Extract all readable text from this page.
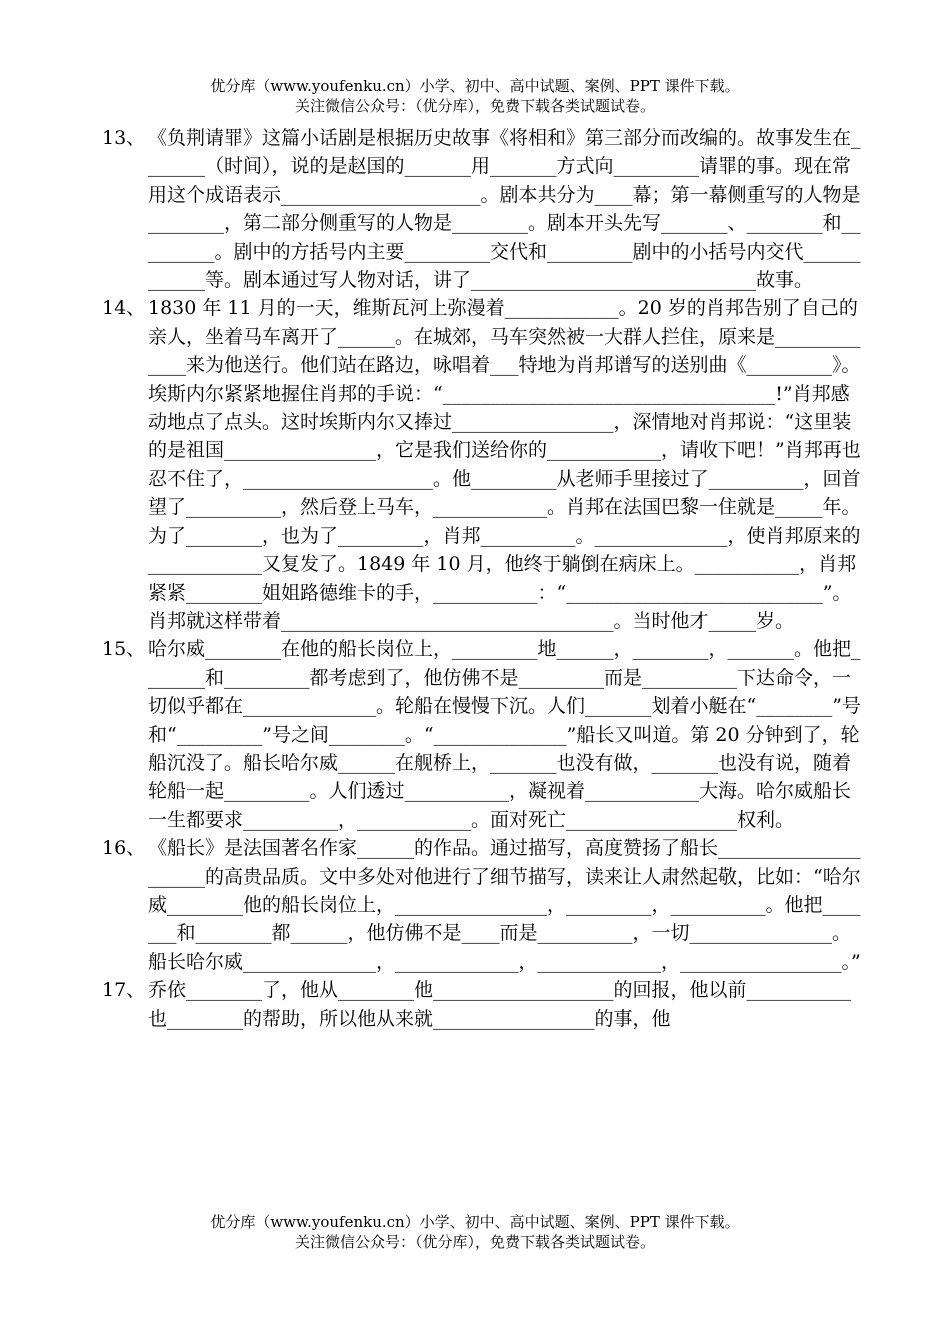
优分库（www.youfenku.cn）小学、初中、高中试题、案例、PPT 课件下载。
关注微信公众号：（优分库），免费下载各类试题试卷。
13、 《负荆请罪》这篇小话剧是根据历史故事《将相和》第三部分而改编的。故事发生在_______（时间），说的是赵国的_______用_______方式向_________请罪的事。现在常用这个成语表示_____________________。剧本共分为____幕；第一幕侧重写的人物是________，第二部分侧重写的人物是________。剧本开头先写_______、________和_________。剧中的方括号内主要_________交代和_________剧中的小括号内交代____________等。剧本通过写人物对话，讲了______________________________故事。
14、 1830 年 11 月的一天，维斯瓦河上弥漫着____________。20 岁的肖邦告别了自己的亲人，坐着马车离开了______。在城郊，马车突然被一大群人拦住，原来是_____________来为他送行。他们站在路边，咏唱着___特地为肖邦谱写的送别曲《_________》。埃斯内尔紧紧地握住肖邦的手说：“___________________________________!”肖邦感动地点了点头。这时埃斯内尔又捧过_________________，深情地对肖邦说：“这里装的是祖国________________，它是我们送给你的____________，请收下吧！”肖邦再也忍不住了，____________________。他_________从老师手里接过了__________，回首望了__________，然后登上马车，____________。肖邦在法国巴黎一住就是_____年。为了________，也为了_________，肖邦__________。______________，使肖邦原来的____________又复发了。1849 年 10 月，他终于躺倒在病床上。___________，肖邦紧紧________姐姐路德维卡的手，___________：“___________________________”。肖邦就这样带着___________________________________。当时他才_____岁。
15、 哈尔威________在他的船长岗位上，_________地______，________，_______。他把_______和_________都考虑到了，他仿佛不是_________而是__________下达命令，一切似乎都在______________。轮船在慢慢下沉。人们_______划着小艇在“________”号和“_________”号之间________。“______________”船长又叫道。第 20 分钟到了，轮船沉没了。船长哈尔威______在舰桥上，_______也没有做，_______也没有说，随着轮船一起_________。人们透过___________，凝视着____________大海。哈尔威船长一生都要求__________，____________。面对死亡__________________权利。
16、 《船长》是法国著名作家______的作品。通过描写，高度赞扬了船长_____________________的高贵品质。文中多处对他进行了细节描写，读来让人肃然起敬，比如：“哈尔威________他的船长岗位上，________________，_________，__________。他把_______和________都______，他仿佛不是____而是__________，一切_______________。船长哈尔威______________，_____________，_____________，_________________。”
17、 乔依________了，他从________他___________________的回报，他以前___________也________的帮助，所以他从来就_________________的事，他
优分库（www.youfenku.cn）小学、初中、高中试题、案例、PPT 课件下载。
关注微信公众号：（优分库），免费下载各类试题试卷。
